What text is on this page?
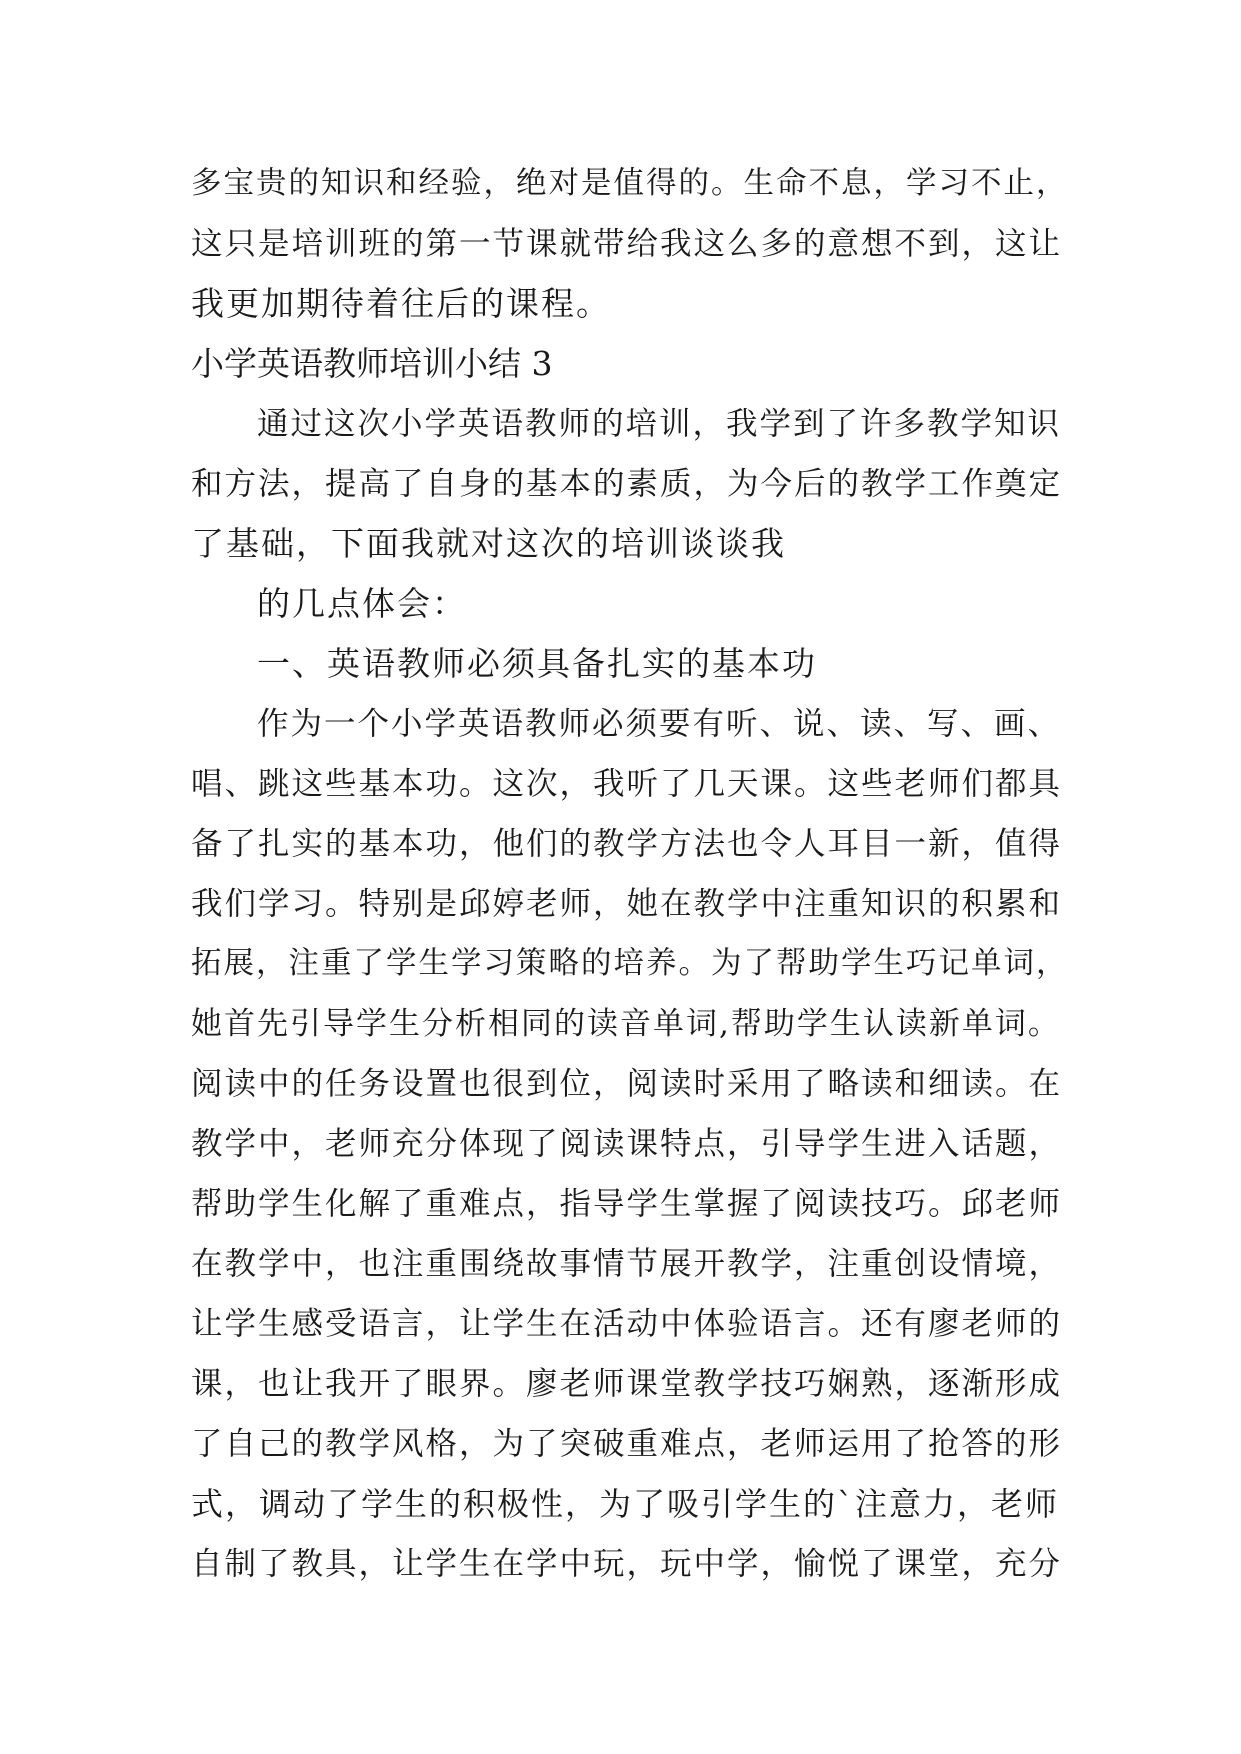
多宝贵的知识和经验，绝对是值得的。生命不息，学习不止，
这只是培训班的第一节课就带给我这么多的意想不到，这让
我更加期待着往后的课程。
小学英语教师培训小结 3
通过这次小学英语教师的培训，我学到了许多教学知识
和方法，提高了自身的基本的素质，为今后的教学工作奠定
了基础，下面我就对这次的培训谈谈我
的几点体会：
一、英语教师必须具备扎实的基本功
作为一个小学英语教师必须要有听、说、读、写、画、
唱、跳这些基本功。这次，我听了几天课。这些老师们都具
备了扎实的基本功，他们的教学方法也令人耳目一新，值得
我们学习。特别是邱婷老师，她在教学中注重知识的积累和
拓展，注重了学生学习策略的培养。为了帮助学生巧记单词，
她首先引导学生分析相同的读音单词,帮助学生认读新单词。
阅读中的任务设置也很到位，阅读时采用了略读和细读。在
教学中，老师充分体现了阅读课特点，引导学生进入话题，
帮助学生化解了重难点，指导学生掌握了阅读技巧。邱老师
在教学中，也注重围绕故事情节展开教学，注重创设情境，
让学生感受语言，让学生在活动中体验语言。还有廖老师的
课，也让我开了眼界。廖老师课堂教学技巧娴熟，逐渐形成
了自己的教学风格，为了突破重难点，老师运用了抢答的形
式，调动了学生的积极性，为了吸引学生的`注意力，老师
自制了教具，让学生在学中玩，玩中学，愉悦了课堂，充分
